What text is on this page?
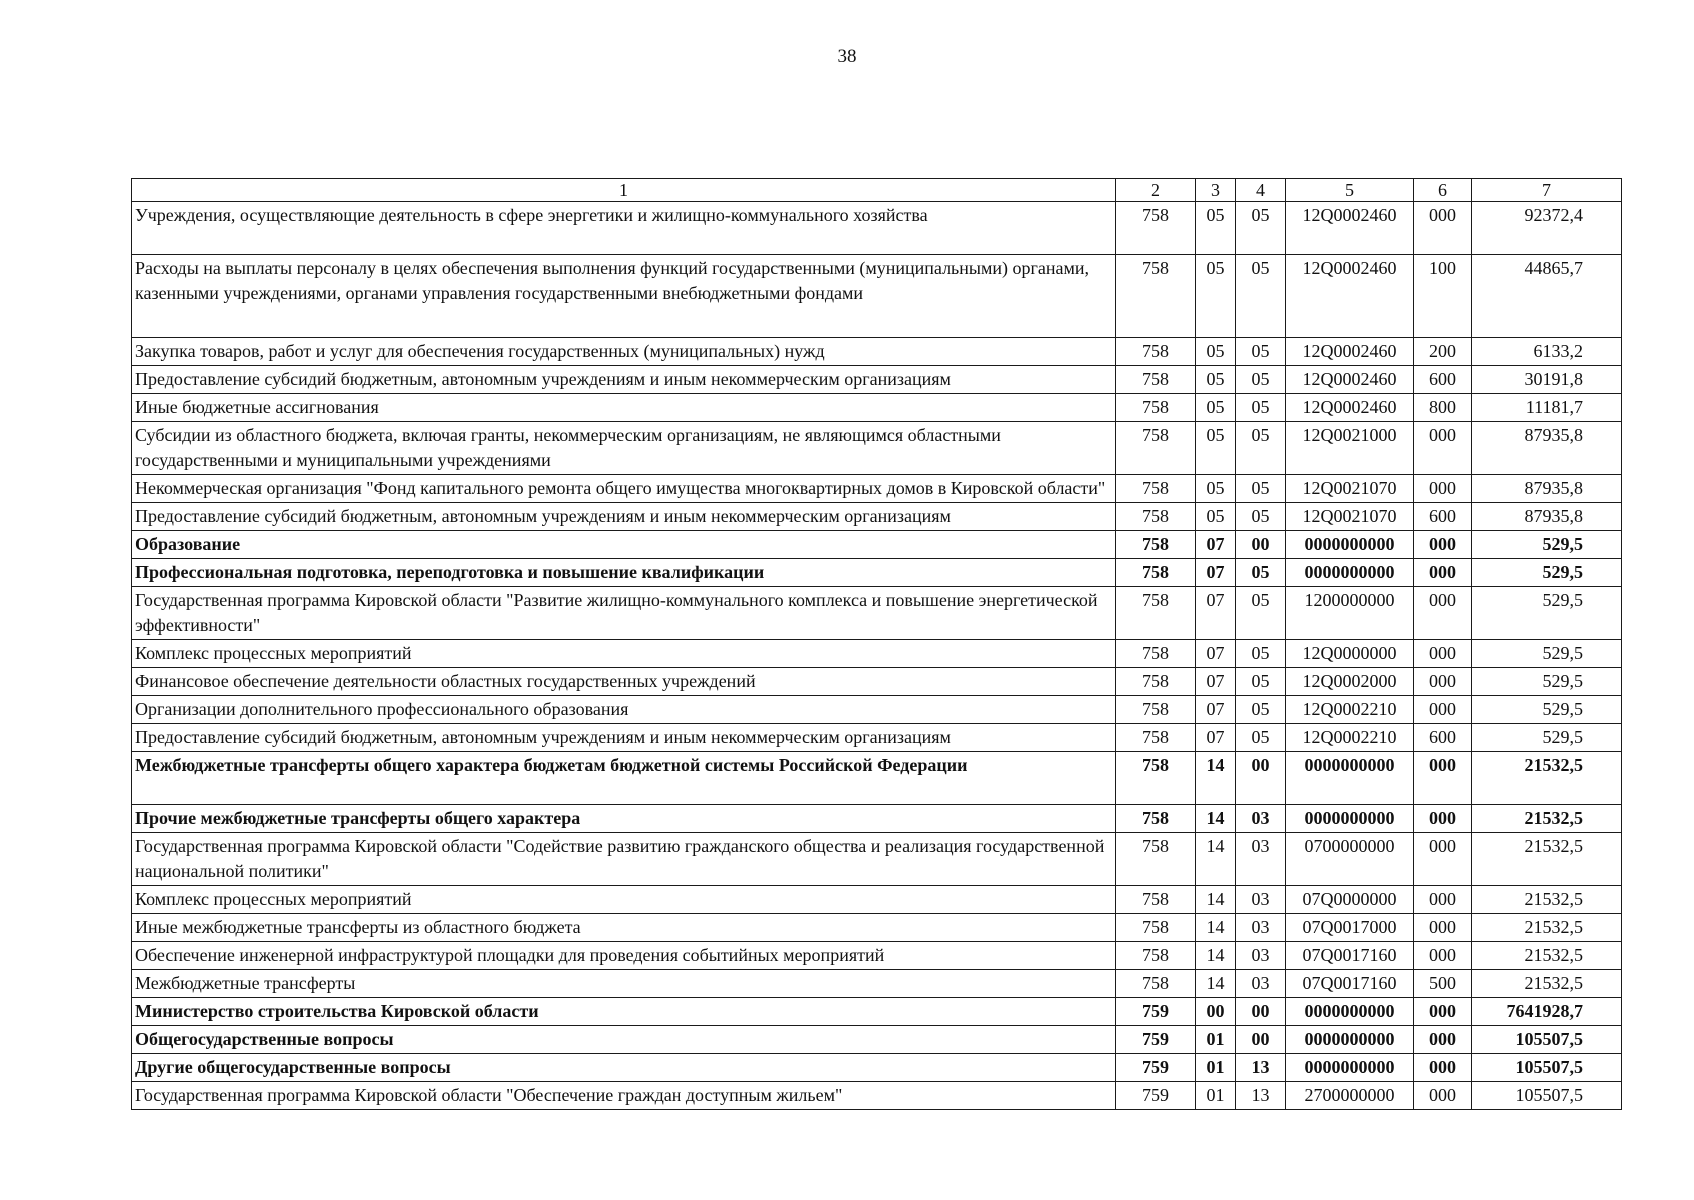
38
1	2	3	4	5	6	7
Учреждения, осуществляющие деятельность в сфере энергетики и жилищно-коммунального хозяйства	758	05	05	12Q0002460	000	92372,4
Расходы на выплаты персоналу в целях обеспечения выполнения функций государственными (муниципальными) органами, казенными учреждениями, органами управления государственными внебюджетными фондами	758	05	05	12Q0002460	100	44865,7
Закупка товаров, работ и услуг для обеспечения государственных (муниципальных) нужд	758	05	05	12Q0002460	200	6133,2
Предоставление субсидий бюджетным, автономным учреждениям и иным некоммерческим организациям	758	05	05	12Q0002460	600	30191,8
Иные бюджетные ассигнования	758	05	05	12Q0002460	800	11181,7
Субсидии из областного бюджета, включая гранты, некоммерческим организациям, не являющимся областными государственными и муниципальными учреждениями	758	05	05	12Q0021000	000	87935,8
Некоммерческая организация "Фонд капитального ремонта общего имущества многоквартирных домов в Кировской области"	758	05	05	12Q0021070	000	87935,8
Предоставление субсидий бюджетным, автономным учреждениям и иным некоммерческим организациям	758	05	05	12Q0021070	600	87935,8
Образование	758	07	00	0000000000	000	529,5
Профессиональная подготовка, переподготовка и повышение квалификации	758	07	05	0000000000	000	529,5
Государственная программа Кировской области "Развитие жилищно-коммунального комплекса и повышение энергетической эффективности"	758	07	05	1200000000	000	529,5
Комплекс процессных мероприятий	758	07	05	12Q0000000	000	529,5
Финансовое обеспечение деятельности областных государственных учреждений	758	07	05	12Q0002000	000	529,5
Организации дополнительного профессионального образования	758	07	05	12Q0002210	000	529,5
Предоставление субсидий бюджетным, автономным учреждениям и иным некоммерческим организациям	758	07	05	12Q0002210	600	529,5
Межбюджетные трансферты общего характера бюджетам бюджетной системы Российской Федерации	758	14	00	0000000000	000	21532,5
Прочие межбюджетные трансферты общего характера	758	14	03	0000000000	000	21532,5
Государственная программа Кировской области "Содействие развитию гражданского общества и реализация государственной национальной политики"	758	14	03	0700000000	000	21532,5
Комплекс процессных мероприятий	758	14	03	07Q0000000	000	21532,5
Иные межбюджетные трансферты из областного бюджета	758	14	03	07Q0017000	000	21532,5
Обеспечение инженерной инфраструктурой площадки для проведения событийных мероприятий	758	14	03	07Q0017160	000	21532,5
Межбюджетные трансферты	758	14	03	07Q0017160	500	21532,5
Министерство строительства Кировской области	759	00	00	0000000000	000	7641928,7
Общегосударственные вопросы	759	01	00	0000000000	000	105507,5
Другие общегосударственные вопросы	759	01	13	0000000000	000	105507,5
Государственная программа Кировской области "Обеспечение граждан доступным жильем"	759	01	13	2700000000	000	105507,5
